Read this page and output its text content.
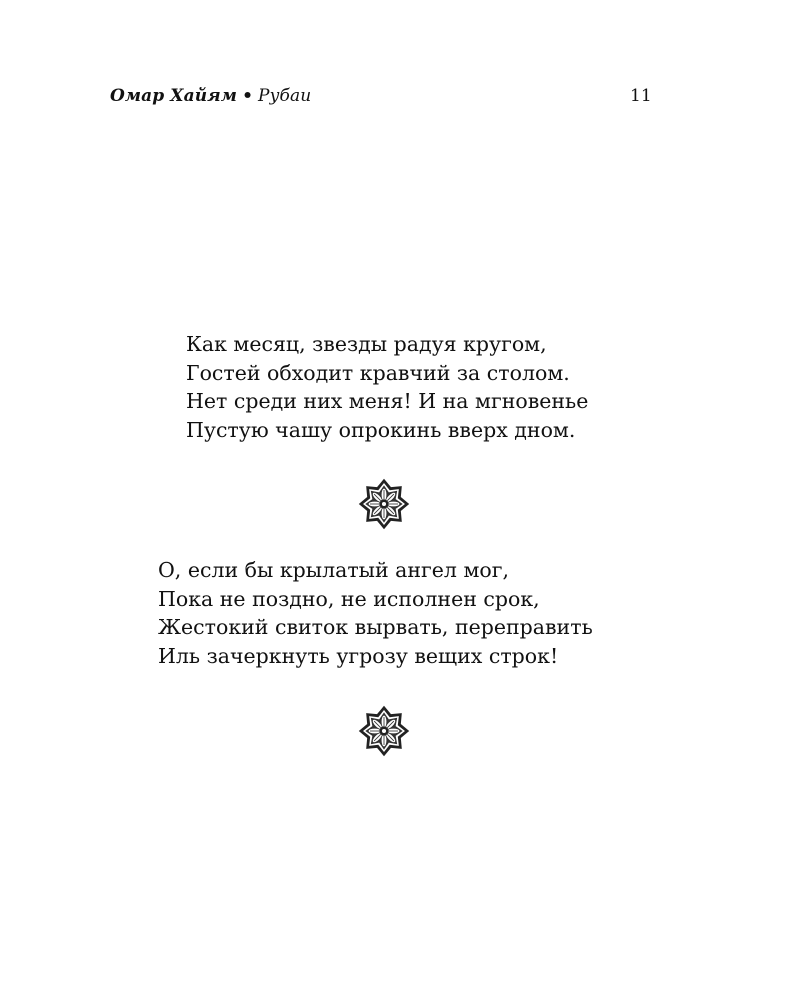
Омар Хайям • Рубаи	11
Как месяц, звезды радуя кругом,
Гостей обходит кравчий за столом.
Нет среди них меня! И на мгновенье
Пустую чашу опрокинь вверх дном.
О, если бы крылатый ангел мог,
Пока не поздно, не исполнен срок,
Жестокий свиток вырвать, переправить
Иль зачеркнуть угрозу вещих строк!
